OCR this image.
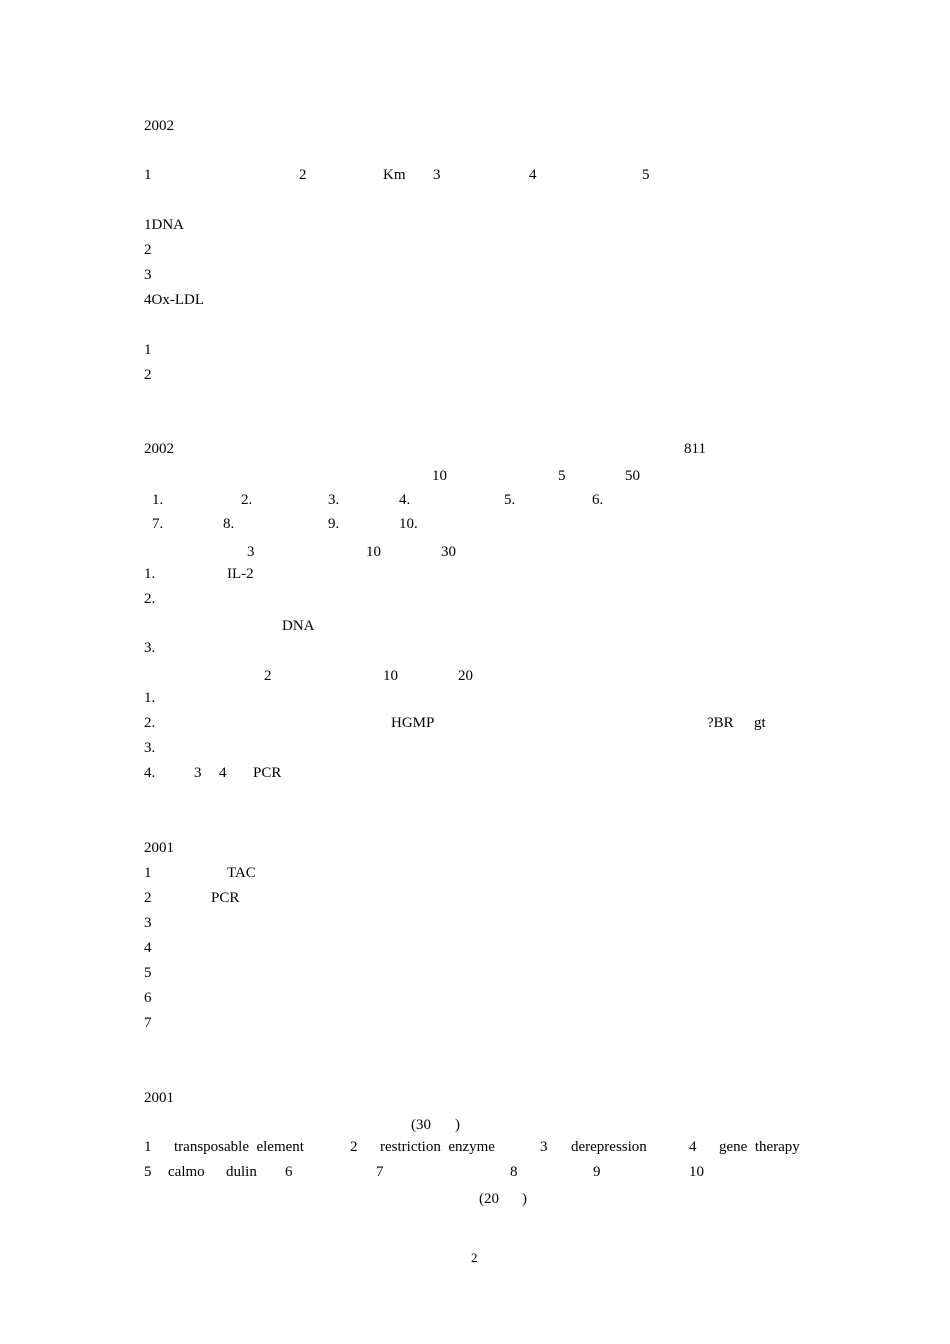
2002
1	2	Km 3	4	5
1DNA
2
3
4Ox-LDL
1
2
2002	811
10	5	50
1.	2.	3.	4.	5.	6.
7.	8.	9.	10.
3	10	30
1.	IL-2
2.
DNA
3.
2	10	20
1.
2.	HGMP	?BR gt
3.
4.	3 4 PCR
2001
1	TAC
2	PCR
3
4
5
6
7
2001
(30 )
1 transposable  element	2 restriction  enzyme	3 derepression	4 gene  therapy
5 calmo dulin 6	7	8	9	10
(20 )
2
